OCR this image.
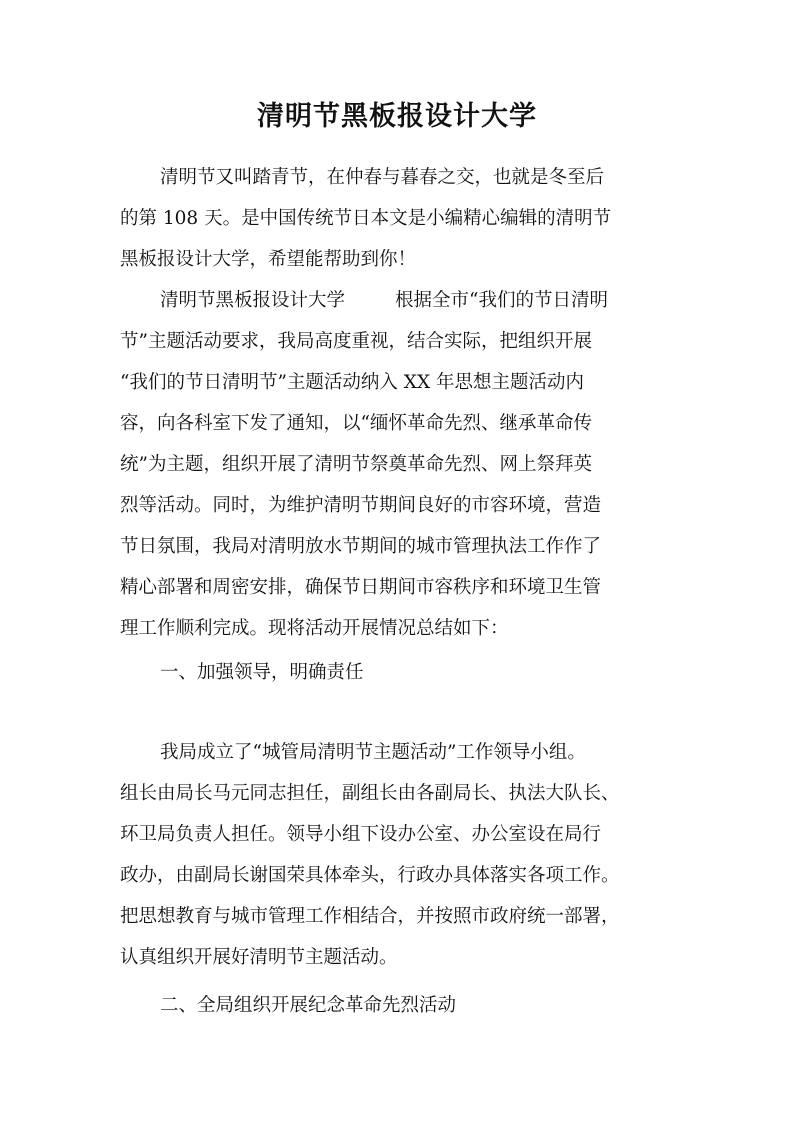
清明节黑板报设计大学
清明节又叫踏青节，在仲春与暮春之交，也就是冬至后
的第 108 天。是中国传统节日本文是小编精心编辑的清明节
黑板报设计大学，希望能帮助到你！
清明节黑板报设计大学	根据全市“我们的节日清明
节”主题活动要求，我局高度重视，结合实际，把组织开展
“我们的节日清明节”主题活动纳入 XX 年思想主题活动内
容，向各科室下发了通知，以“缅怀革命先烈、继承革命传
统”为主题，组织开展了清明节祭奠革命先烈、网上祭拜英
烈等活动。同时，为维护清明节期间良好的市容环境，营造
节日氛围，我局对清明放水节期间的城市管理执法工作作了
精心部署和周密安排，确保节日期间市容秩序和环境卫生管
理工作顺利完成。现将活动开展情况总结如下：
一、加强领导，明确责任
我局成立了“城管局清明节主题活动”工作领导小组。
组长由局长马元同志担任，副组长由各副局长、执法大队长、
环卫局负责人担任。领导小组下设办公室、办公室设在局行
政办，由副局长谢国荣具体牵头，行政办具体落实各项工作。
把思想教育与城市管理工作相结合，并按照市政府统一部署，
认真组织开展好清明节主题活动。
二、全局组织开展纪念革命先烈活动
